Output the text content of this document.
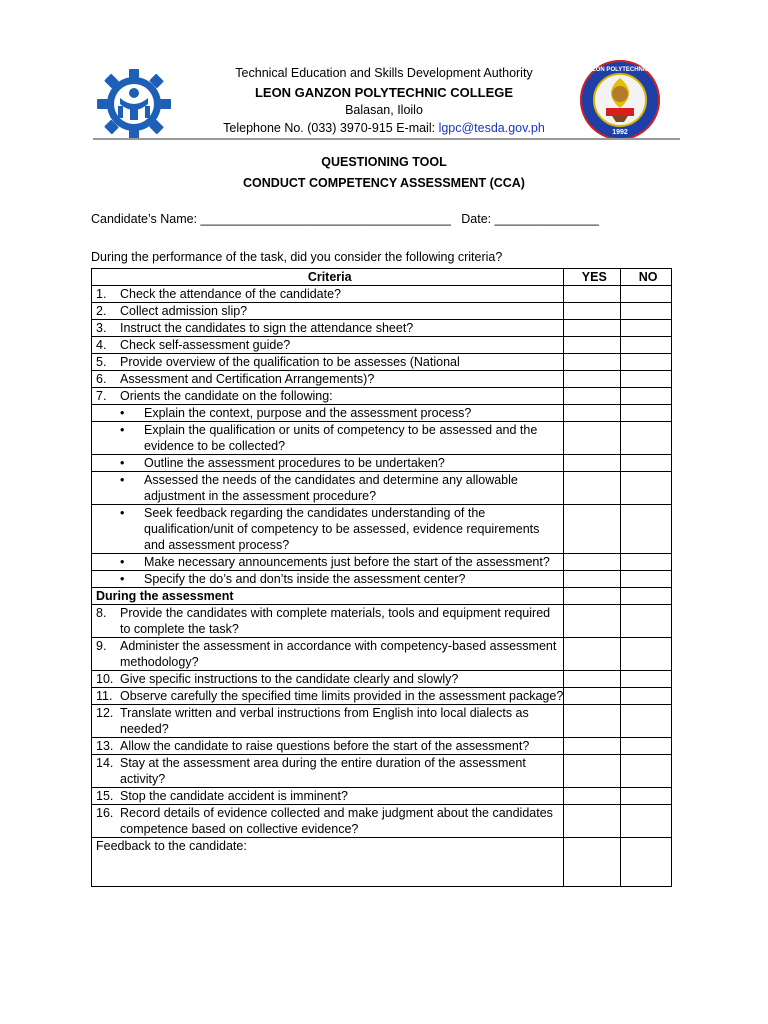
LEON GANZON POLYTECHNIC COLLEGE
1992
Technical Education and Skills Development Authority
LEON GANZON POLYTECHNIC COLLEGE
Balasan, Iloilo
Telephone No. (033) 3970-915 E-mail: lgpc@tesda.gov.ph
QUESTIONING TOOL
CONDUCT COMPETENCY ASSESSMENT (CCA)
Candidate’s Name: ____________________________________   Date: _______________
During the performance of the task, did you consider the following criteria?
Criteria	YES	NO
1. Check the attendance of the candidate?		
2. Collect admission slip?		
3. Instruct the candidates to sign the attendance sheet?		
4. Check self-assessment guide?		
5. Provide overview of the qualification to be assesses (National		
6. Assessment and Certification Arrangements)?		
7. Orients the candidate on the following:		

• Explain the context, purpose and the assessment process?		

• Explain the qualification or units of competency to be assessed and the evidence to be collected?		

• Outline the assessment procedures to be undertaken?		

• Assessed the needs of the candidates and determine any allowable adjustment in the assessment procedure?		

• Seek feedback regarding the candidates understanding of the qualification/unit of competency to be assessed, evidence requirements and assessment process?		

• Make necessary announcements just before the start of the assessment?		

• Specify the do’s and don’ts inside the assessment center?		
During the assessment		
8. Provide the candidates with complete materials, tools and equipment required to complete the task?		
9. Administer the assessment in accordance with competency-based assessment methodology?		
10. Give specific instructions to the candidate clearly and slowly?		
11. Observe carefully the specified time limits provided in the assessment package?		
12. Translate written and verbal instructions from English into local dialects as needed?		
13. Allow the candidate to raise questions before the start of the assessment?		
14. Stay at the assessment area during the entire duration of the assessment activity?		
15. Stop the candidate accident is imminent?		
16. Record details of evidence collected and make judgment about the candidates competence based on collective evidence?		
Feedback to the candidate:		
